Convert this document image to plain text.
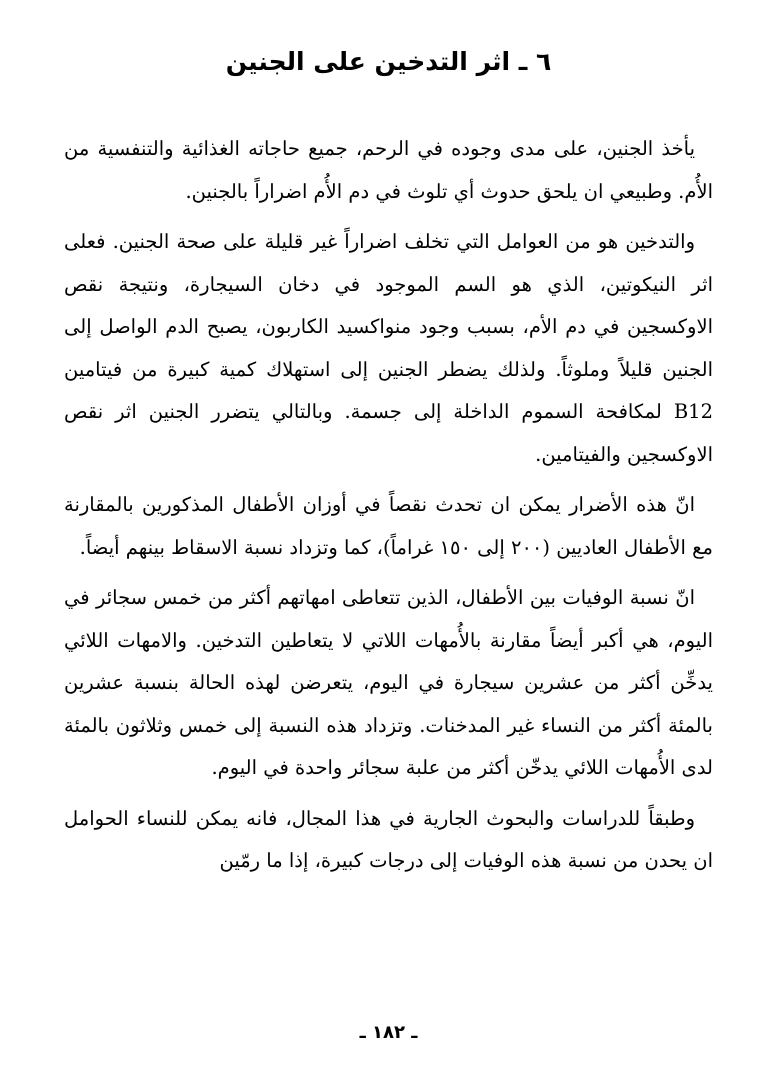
٦ ـ اثر التدخين على الجنين

يأخذ الجنين، على مدى وجوده في الرحم، جميع حاجاته الغذائية والتنفسية من الأُم. وطبيعي ان يلحق حدوث أي تلوث في دم الأُم اضراراً بالجنين.

والتدخين هو من العوامل التي تخلف اضراراً غير قليلة على صحة الجنين. فعلى اثر النيكوتين، الذي هو السم الموجود في دخان السيجارة، ونتيجة نقص الاوكسجين في دم الأم، بسبب وجود منواكسيد الكاربون، يصبح الدم الواصل إلى الجنين قليلاً وملوثاً. ولذلك يضطر الجنين إلى استهلاك كمية كبيرة من فيتامين B12 لمكافحة السموم الداخلة إلى جسمة. وبالتالي يتضرر الجنين اثر نقص الاوكسجين والفيتامين.

انّ هذه الأضرار يمكن ان تحدث نقصاً في أوزان الأطفال المذكورين بالمقارنة مع الأطفال العاديين (٢٠٠ إلى ١٥٠ غراماً)، كما وتزداد نسبة الاسقاط بينهم أيضاً.

انّ نسبة الوفيات بين الأطفال، الذين تتعاطى امهاتهم أكثر من خمس سجائر في اليوم، هي أكبر أيضاً مقارنة بالأُمهات اللاتي لا يتعاطين التدخين. والامهات اللائي يدخِّن أكثر من عشرين سيجارة في اليوم، يتعرضن لهذه الحالة بنسبة عشرين بالمئة أكثر من النساء غير المدخنات. وتزداد هذه النسبة إلى خمس وثلاثون بالمئة لدى الأُمهات اللائي يدخّن أكثر من علبة سجائر واحدة في اليوم.

وطبقاً للدراسات والبحوث الجارية في هذا المجال، فانه يمكن للنساء الحوامل ان يحدن من نسبة هذه الوفيات إلى درجات كبيرة، إذا ما رمّين

ـ ١٨٢ ـ
